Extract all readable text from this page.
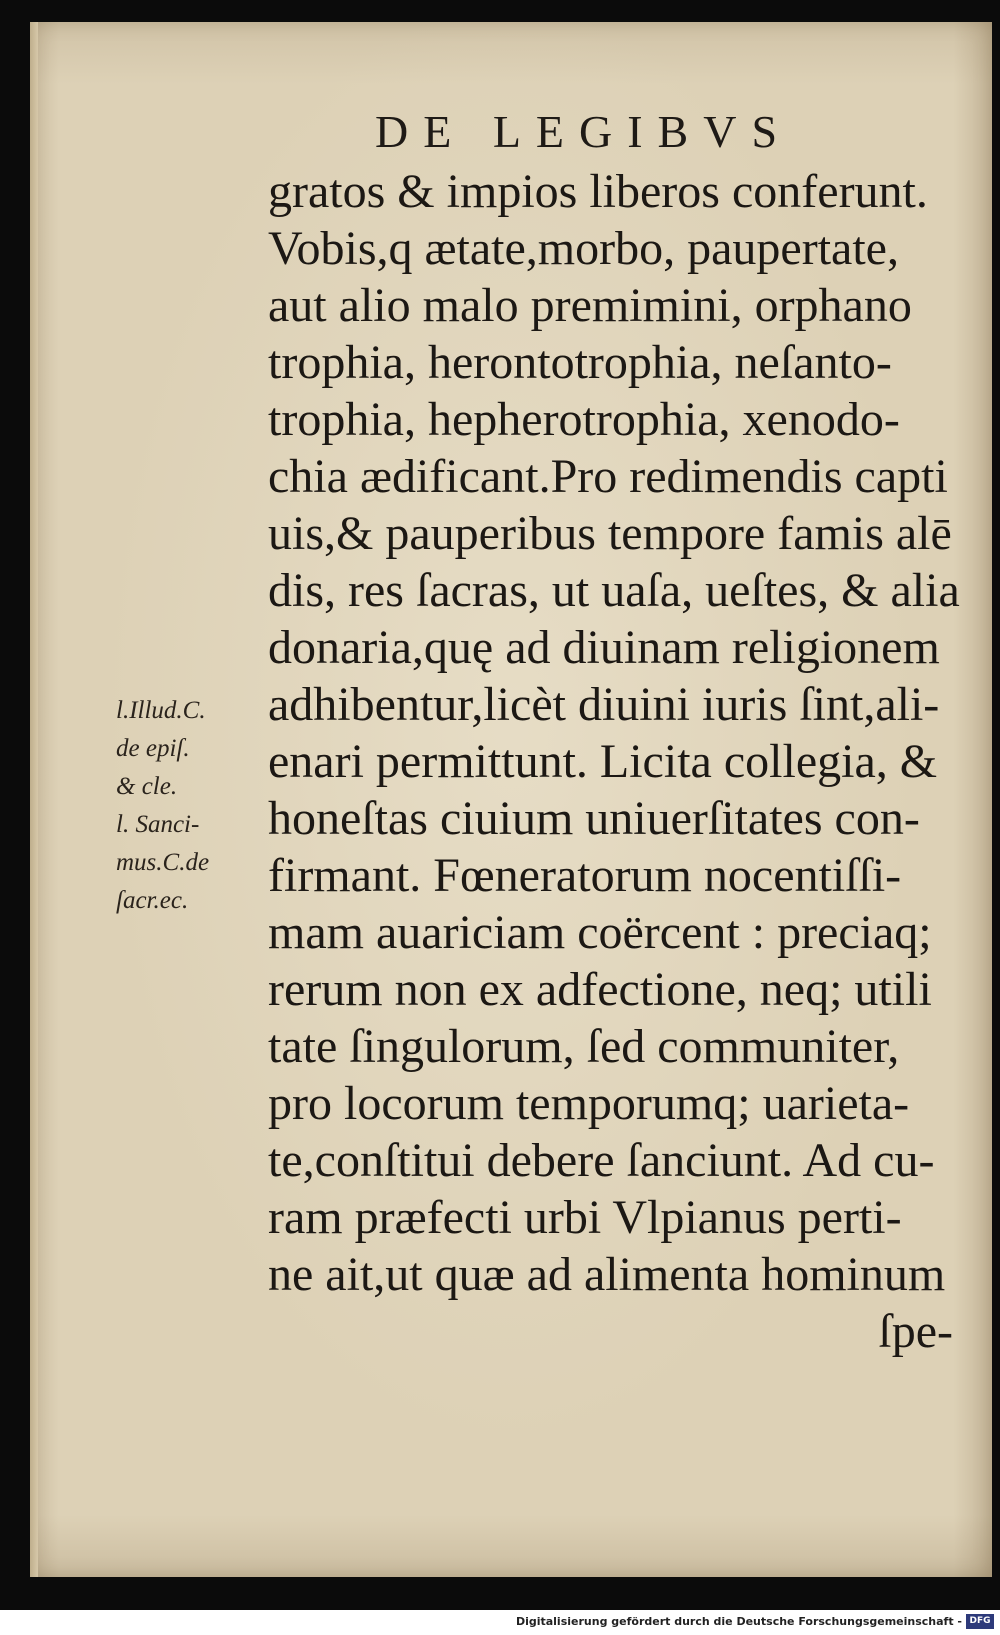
DE LEGIBVS
gratos & impios liberos conferunt.
Vobis,q ætate,morbo, paupertate,
aut alio malo premimini, orphano
trophia, herontotrophia, neſanto-
trophia, hepherotrophia, xenodo-
chia ædificant.Pro redimendis capti
uis,& pauperibus tempore famis alē
dis, res ſacras, ut uaſa, ueſtes, & alia
donaria,quę ad diuinam religionem
adhibentur,licèt diuini iuris ſint,ali-
enari permittunt. Licita collegia, &
honeſtas ciuium uniuerſitates con-
firmant. Fœneratorum nocentiſſi-
mam auariciam coërcent : preciaq;
rerum non ex adfectione, neq; utili
tate ſingulorum, ſed communiter,
pro locorum temporumq; uarieta-
te,conſtitui debere ſanciunt. Ad cu-
ram præfecti urbi Vlpianus perti-
ne ait,ut quæ ad alimenta hominum
ſpe-
l.Illud.C.
de epiſ.
& cle.
l. Sanci-
mus.C.de
ſacr.ec.
Digitalisierung gefördert durch die Deutsche Forschungsgemeinschaft - DFG
